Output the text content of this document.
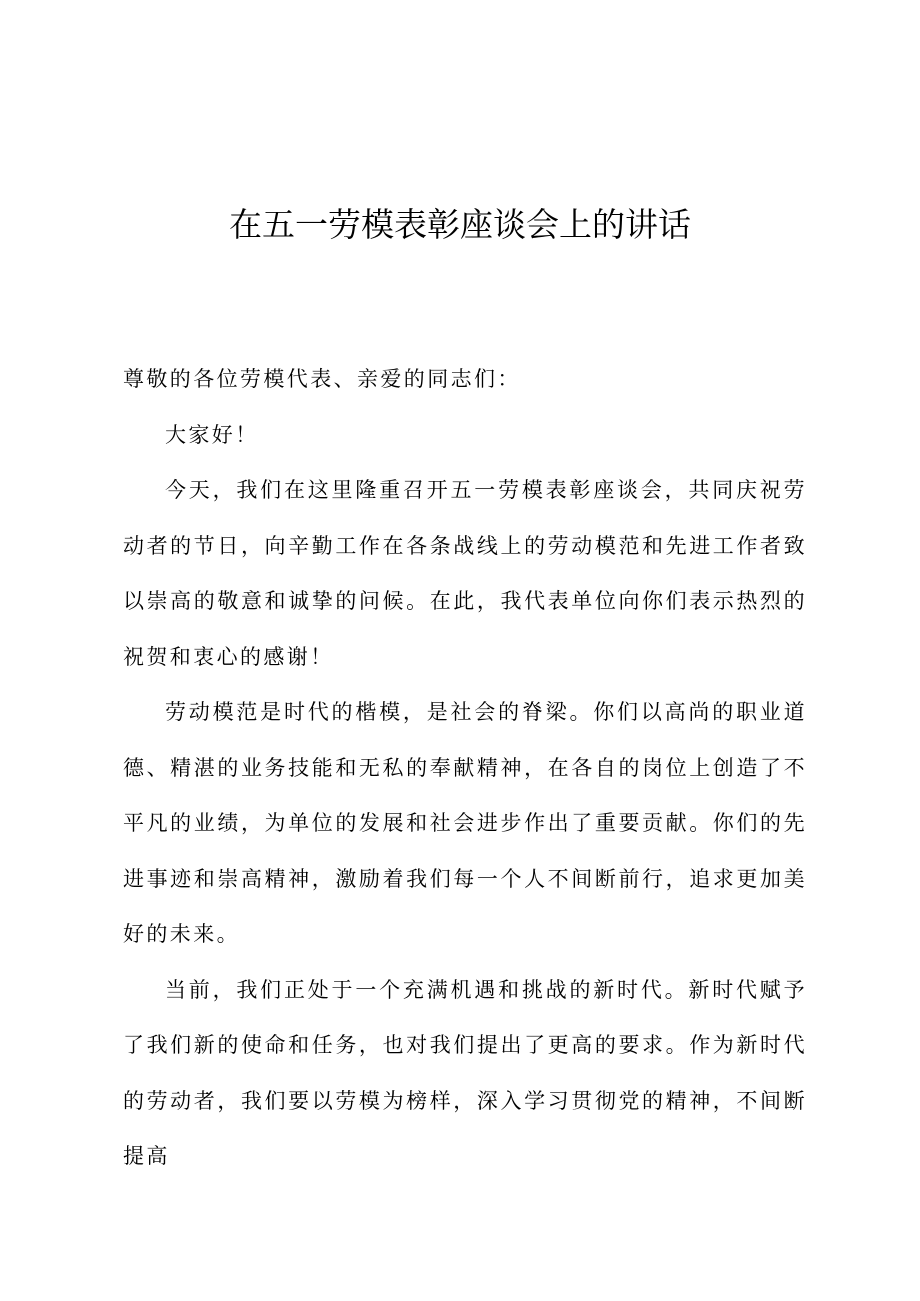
在五一劳模表彰座谈会上的讲话

尊敬的各位劳模代表、亲爱的同志们：

大家好！

今天，我们在这里隆重召开五一劳模表彰座谈会，共同庆祝劳动者的节日，向辛勤工作在各条战线上的劳动模范和先进工作者致以崇高的敬意和诚挚的问候。在此，我代表单位向你们表示热烈的祝贺和衷心的感谢！

劳动模范是时代的楷模，是社会的脊梁。你们以高尚的职业道德、精湛的业务技能和无私的奉献精神，在各自的岗位上创造了不平凡的业绩，为单位的发展和社会进步作出了重要贡献。你们的先进事迹和崇高精神，激励着我们每一个人不间断前行，追求更加美好的未来。

当前，我们正处于一个充满机遇和挑战的新时代。新时代赋予了我们新的使命和任务，也对我们提出了更高的要求。作为新时代的劳动者，我们要以劳模为榜样，深入学习贯彻党的精神，不间断提高
